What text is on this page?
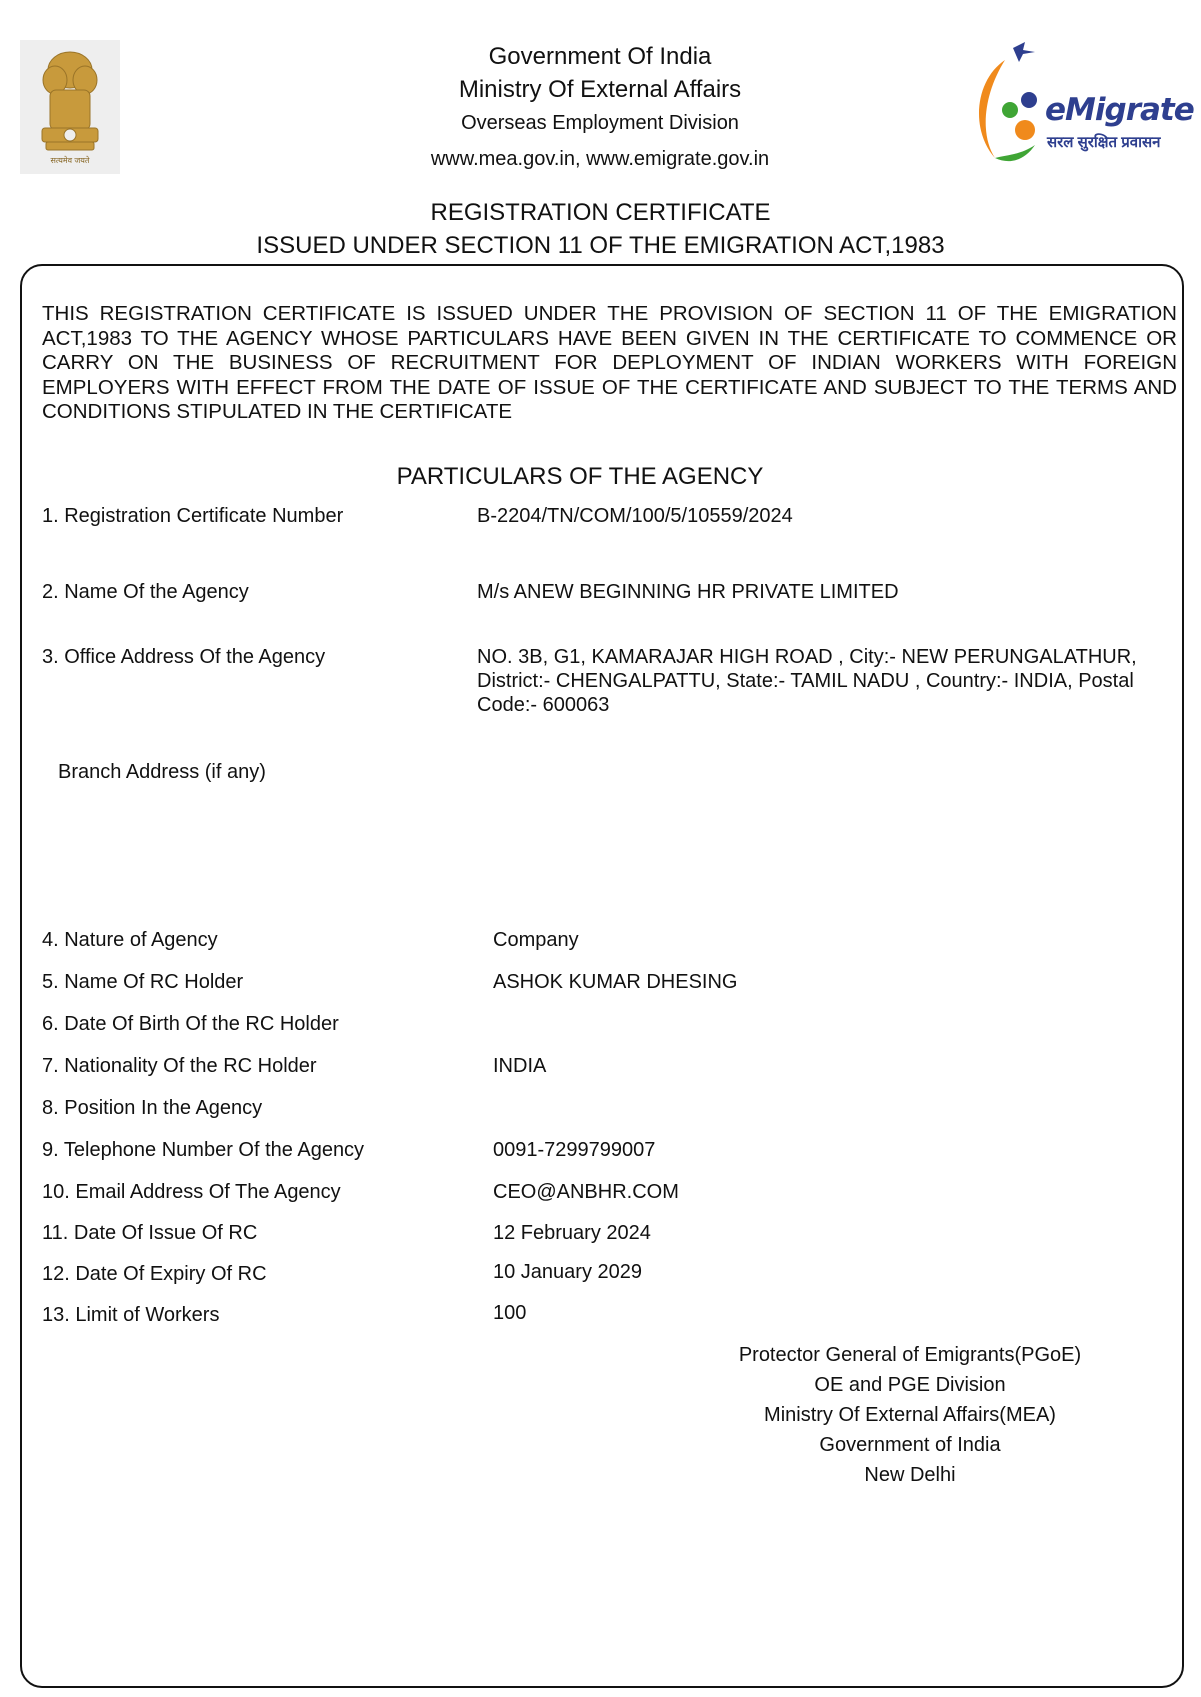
सत्यमेव जयते
Government Of India
Ministry Of External Affairs
Overseas Employment Division
www.mea.gov.in, www.emigrate.gov.in
eMigrate
सरल सुरक्षित प्रवासन
REGISTRATION CERTIFICATE
ISSUED UNDER SECTION 11 OF THE EMIGRATION ACT,1983
THIS REGISTRATION CERTIFICATE IS ISSUED UNDER THE PROVISION OF SECTION 11 OF THE EMIGRATION ACT,1983 TO THE AGENCY WHOSE PARTICULARS HAVE BEEN GIVEN IN THE CERTIFICATE TO COMMENCE OR CARRY ON THE BUSINESS OF RECRUITMENT FOR DEPLOYMENT OF INDIAN WORKERS WITH FOREIGN EMPLOYERS WITH EFFECT FROM THE DATE OF ISSUE OF THE CERTIFICATE AND SUBJECT TO THE TERMS AND CONDITIONS STIPULATED IN THE CERTIFICATE
PARTICULARS OF THE AGENCY
1. Registration Certificate Number	B-2204/TN/COM/100/5/10559/2024
2. Name Of the Agency	M/s ANEW BEGINNING HR PRIVATE LIMITED
3. Office Address Of the Agency	NO. 3B, G1, KAMARAJAR HIGH ROAD , City:- NEW PERUNGALATHUR, District:- CHENGALPATTU, State:- TAMIL NADU , Country:- INDIA, Postal Code:- 600063
Branch Address (if any)
4. Nature of Agency	Company
5. Name Of RC Holder	ASHOK KUMAR DHESING
6. Date Of Birth Of the RC Holder
7. Nationality Of the RC Holder	INDIA
8. Position In the Agency
9. Telephone Number Of the Agency	0091-7299799007
10. Email Address Of The Agency	CEO@ANBHR.COM
11. Date Of Issue Of RC	12 February 2024
12. Date Of Expiry Of RC	10 January 2029
13. Limit of Workers	100
Protector General of Emigrants(PGoE)
OE and PGE Division
Ministry Of External Affairs(MEA)
Government of India
New Delhi
